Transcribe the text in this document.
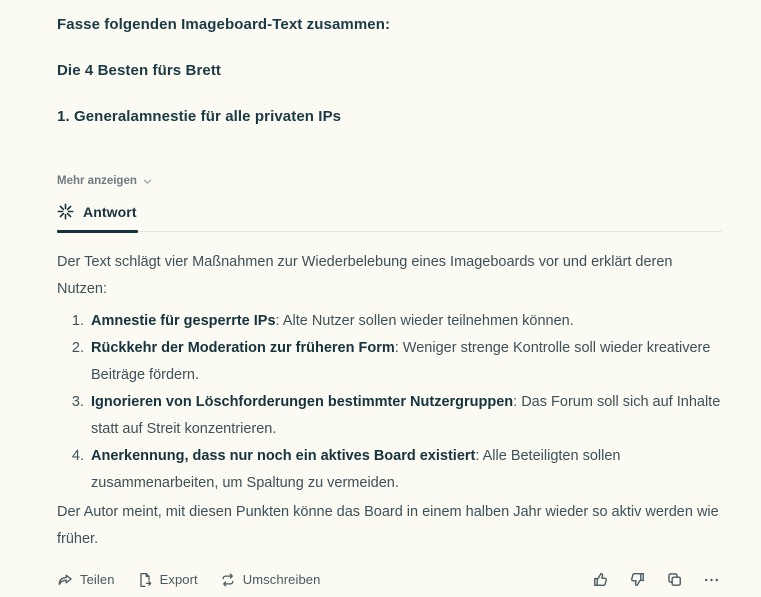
Fasse folgenden Imageboard-Text zusammen:

Die 4 Besten fürs Brett

1. Generalamnestie für alle privaten IPs

Mehr anzeigen
Antwort

Der Text schlägt vier Maßnahmen zur Wiederbelebung eines Imageboards vor und erklärt deren Nutzen:

1. Amnestie für gesperrte IPs: Alte Nutzer sollen wieder teilnehmen können.
2. Rückkehr der Moderation zur früheren Form: Weniger strenge Kontrolle soll wieder kreativere Beiträge fördern.
3. Ignorieren von Löschforderungen bestimmter Nutzergruppen: Das Forum soll sich auf Inhalte statt auf Streit konzentrieren.
4. Anerkennung, dass nur noch ein aktives Board existiert: Alle Beteiligten sollen zusammenarbeiten, um Spaltung zu vermeiden.

Der Autor meint, mit diesen Punkten könne das Board in einem halben Jahr wieder so aktiv werden wie früher.

Teilen	Export	Umschreiben
